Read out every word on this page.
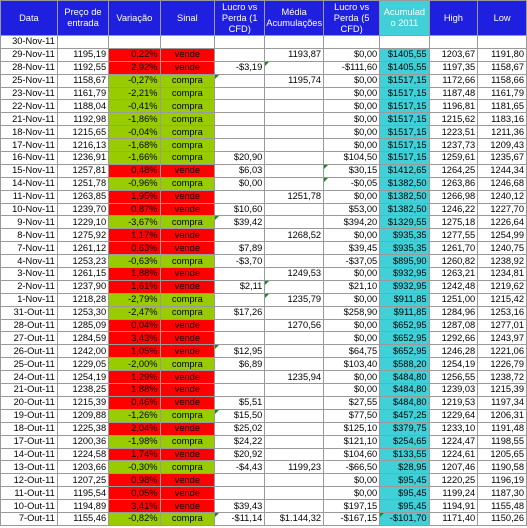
Data	Preço de entrada	Variação	Sinal	Lucro vs Perda (1 CFD)	Média Acumulações	Lucro vs Perda (5 CFD)	Acumulad o 2011	High	Low
30-Nov-11									
29-Nov-11	1195,19	0,22%	vende		1193,87	$0,00	$1405,55	1203,67	1191,80
28-Nov-11	1192,55	2,92%	vende	-$3,19		-$111,60	$1405,55	1197,35	1158,67
25-Nov-11	1158,67	-0,27%	compra		1195,74	$0,00	$1517,15	1172,66	1158,66
23-Nov-11	1161,79	-2,21%	compra			$0,00	$1517,15	1187,48	1161,79
22-Nov-11	1188,04	-0,41%	compra			$0,00	$1517,15	1196,81	1181,65
21-Nov-11	1192,98	-1,86%	compra			$0,00	$1517,15	1215,62	1183,16
18-Nov-11	1215,65	-0,04%	compra			$0,00	$1517,15	1223,51	1211,36
17-Nov-11	1216,13	-1,68%	compra			$0,00	$1517,15	1237,73	1209,43
16-Nov-11	1236,91	-1,66%	compra	$20,90		$104,50	$1517,15	1259,61	1235,67
15-Nov-11	1257,81	0,48%	vende	$6,03		$30,15	$1412,65	1264,25	1244,34
14-Nov-11	1251,78	-0,96%	compra	$0,00		-$0,05	$1382,50	1263,86	1246,68
11-Nov-11	1263,85	1,95%	vende		1251,78	$0,00	$1382,50	1266,98	1240,12
10-Nov-11	1239,70	0,87%	vende	$10,60		$53,00	$1382,50	1246,22	1227,70
9-Nov-11	1229,10	-3,67%	compra	$39,42		$394,20	$1329,55	1275,18	1226,64
8-Nov-11	1275,92	1,17%	vende		1268,52	$0,00	$935,35	1277,55	1254,99
7-Nov-11	1261,12	0,63%	vende	$7,89		$39,45	$935,35	1261,70	1240,75
4-Nov-11	1253,23	-0,63%	compra	-$3,70		-$37,05	$895,90	1260,82	1238,92
3-Nov-11	1261,15	1,88%	vende		1249,53	$0,00	$932,95	1263,21	1234,81
2-Nov-11	1237,90	1,61%	vende	$2,11		$21,10	$932,95	1242,48	1219,62
1-Nov-11	1218,28	-2,79%	compra		1235,79	$0,00	$911,85	1251,00	1215,42
31-Out-11	1253,30	-2,47%	compra	$17,26		$258,90	$911,85	1284,96	1253,16
28-Out-11	1285,09	0,04%	vende		1270,56	$0,00	$652,95	1287,08	1277,01
27-Out-11	1284,59	3,43%	vende			$0,00	$652,95	1292,66	1243,97
26-Out-11	1242,00	1,05%	vende	$12,95		$64,75	$652,95	1246,28	1221,06
25-Out-11	1229,05	-2,00%	compra	$6,89		$103,40	$588,20	1254,19	1226,79
24-Out-11	1254,19	1,29%	vende		1235,94	$0,00	$484,80	1256,55	1238,72
21-Out-11	1238,25	1,88%	vende			$0,00	$484,80	1239,03	1215,39
20-Out-11	1215,39	0,46%	vende	$5,51		$27,55	$484,80	1219,53	1197,34
19-Out-11	1209,88	-1,26%	compra	$15,50		$77,50	$457,25	1229,64	1206,31
18-Out-11	1225,38	2,04%	vende	$25,02		$125,10	$379,75	1233,10	1191,48
17-Out-11	1200,36	-1,98%	compra	$24,22		$121,10	$254,65	1224,47	1198,55
14-Out-11	1224,58	1,74%	vende	$20,92		$104,60	$133,55	1224,61	1205,65
13-Out-11	1203,66	-0,30%	compra	-$4,43	1199,23	-$66,50	$28,95	1207,46	1190,58
12-Out-11	1207,25	0,98%	vende			$0,00	$95,45	1220,25	1196,19
11-Out-11	1195,54	0,05%	vende			$0,00	$95,45	1199,24	1187,30
10-Out-11	1194,89	3,41%	vende	$39,43		$197,15	$95,45	1194,91	1155,48
7-Out-11	1155,46	-0,82%	compra	-$11,14	$1.144,32	-$167,15	-$101,70	1171,40	1150,26
